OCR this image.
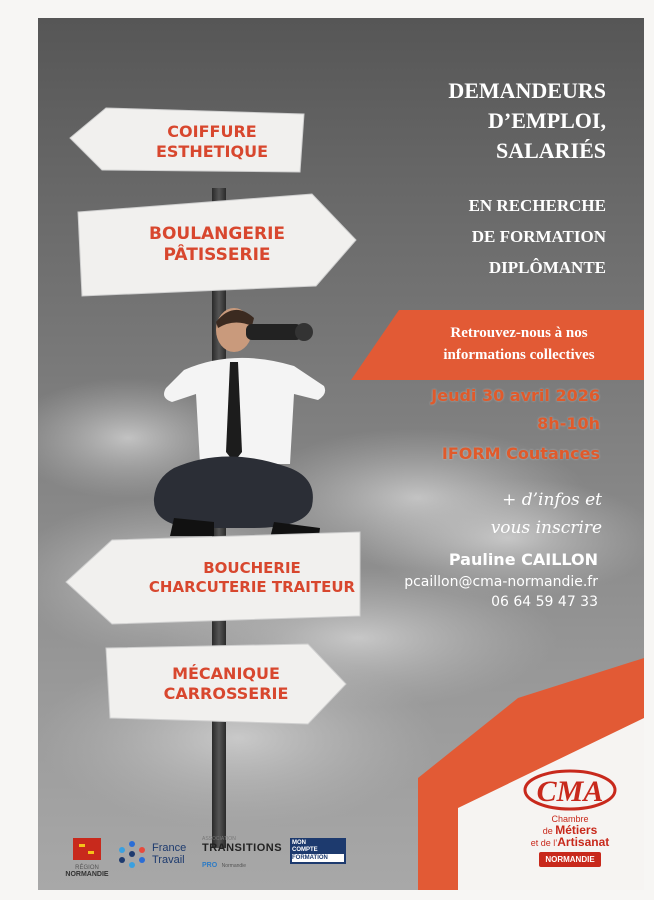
COIFFURE
ESTHETIQUE
BOULANGERIE
PÂTISSERIE
BOUCHERIE
CHARCUTERIE TRAITEUR
MÉCANIQUE
CARROSSERIE
CMA
Chambre
de Métiers
et de l’Artisanat
NORMANDIE
DEMANDEURS
D’EMPLOI,
SALARIÉS
EN RECHERCHE
DE FORMATION
DIPLÔMANTE
Retrouvez-nous à nos
informations collectives
Jeudi 30 avril 2026
8h-10h
IFORM Coutances
+ d’infos et
vous inscrire
Pauline CAILLON
pcaillon@cma-normandie.fr
06 64 59 47 33
RÉGION
NORMANDIE
France
Travail
ASSOCIATION
TRANSITIONS
PRO Normandie
MON
COMPTE
FORMATION
